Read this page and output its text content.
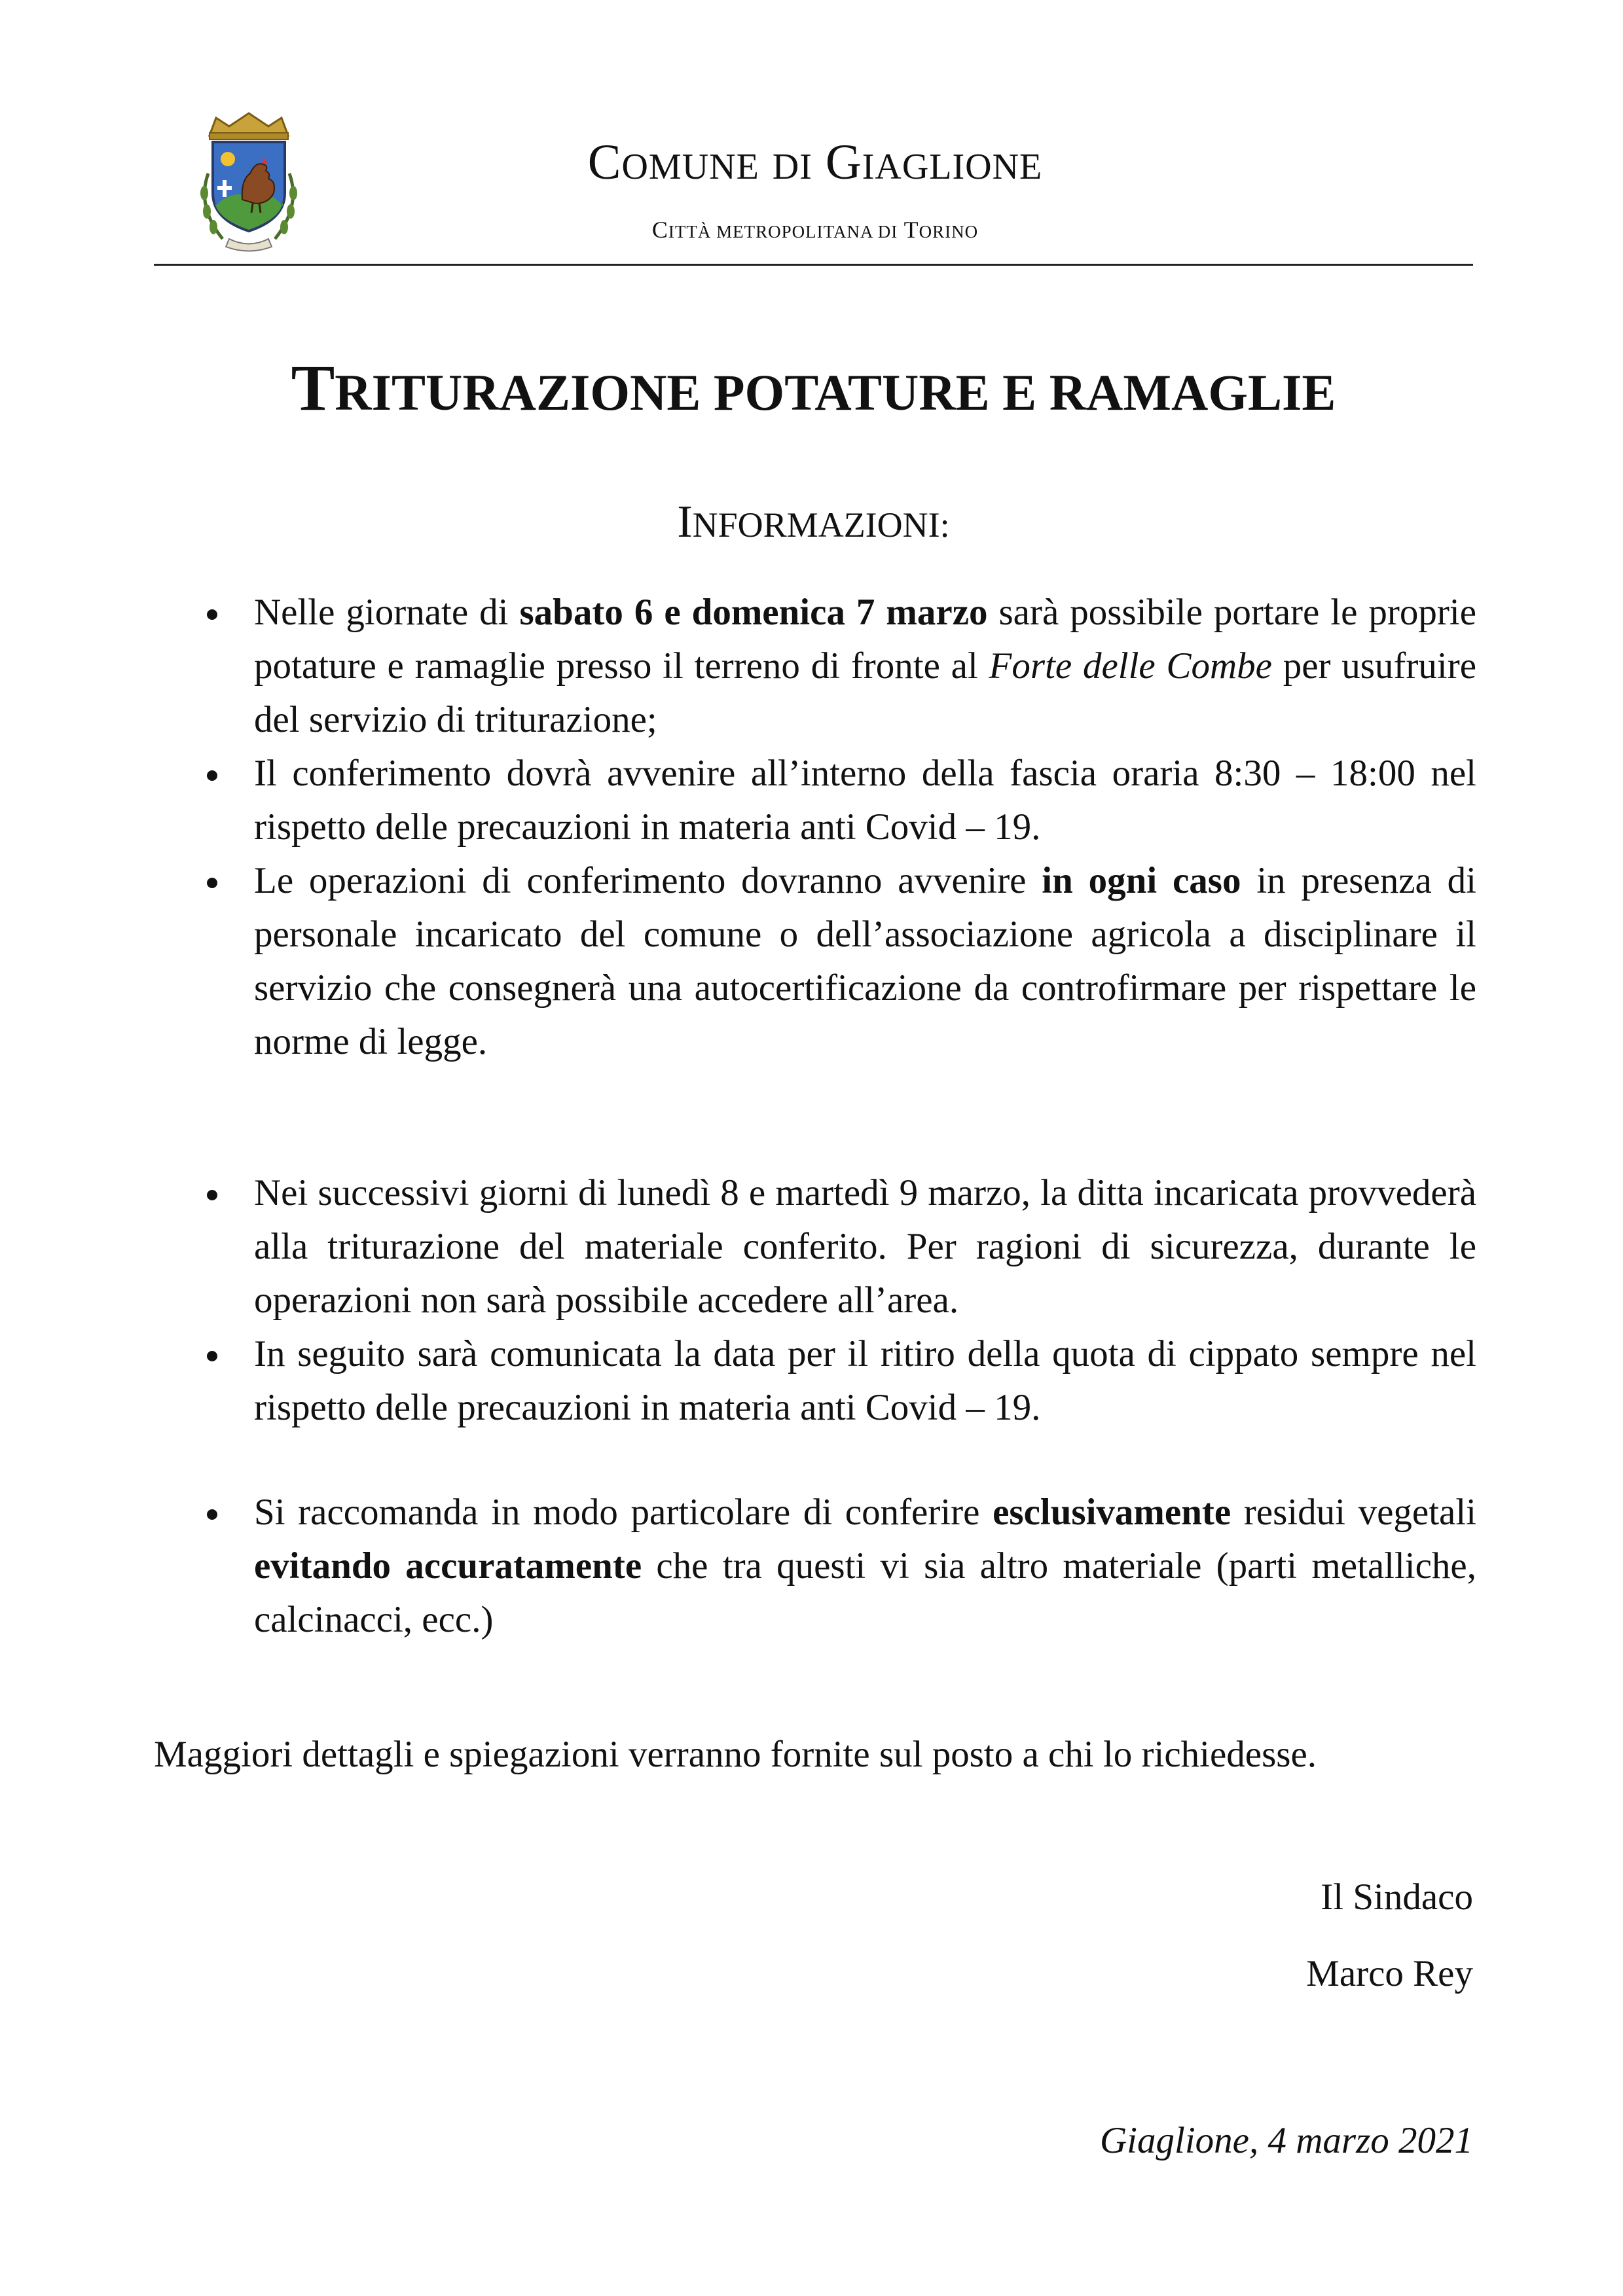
COMUNE DI GIAGLIONE
CITTÀ METROPOLITANA DI TORINO
TRITURAZIONE POTATURE E RAMAGLIE
INFORMAZIONI:
Nelle giornate di sabato 6 e domenica 7 marzo sarà possibile portare le proprie potature e ramaglie presso il terreno di fronte al Forte delle Combe per usufruire del servizio di triturazione;
Il conferimento dovrà avvenire all’interno della fascia oraria 8:30 – 18:00 nel rispetto delle precauzioni in materia anti Covid – 19.
Le operazioni di conferimento dovranno avvenire in ogni caso in presenza di personale incaricato del comune o dell’associazione agricola a disciplinare il servizio che consegnerà una autocertificazione da controfirmare per rispettare le norme di legge.
Nei successivi giorni di lunedì 8 e martedì 9 marzo, la ditta incaricata provvederà alla triturazione del materiale conferito. Per ragioni di sicurezza, durante le operazioni non sarà possibile accedere all’area.
In seguito sarà comunicata la data per il ritiro della quota di cippato sempre nel rispetto delle precauzioni in materia anti Covid – 19.
Si raccomanda in modo particolare di conferire esclusivamente residui vegetali evitando accuratamente che tra questi vi sia altro materiale (parti metalliche, calcinacci, ecc.)
Maggiori dettagli e spiegazioni verranno fornite sul posto a chi lo richiedesse.
Il Sindaco
Marco Rey
Giaglione, 4 marzo 2021
